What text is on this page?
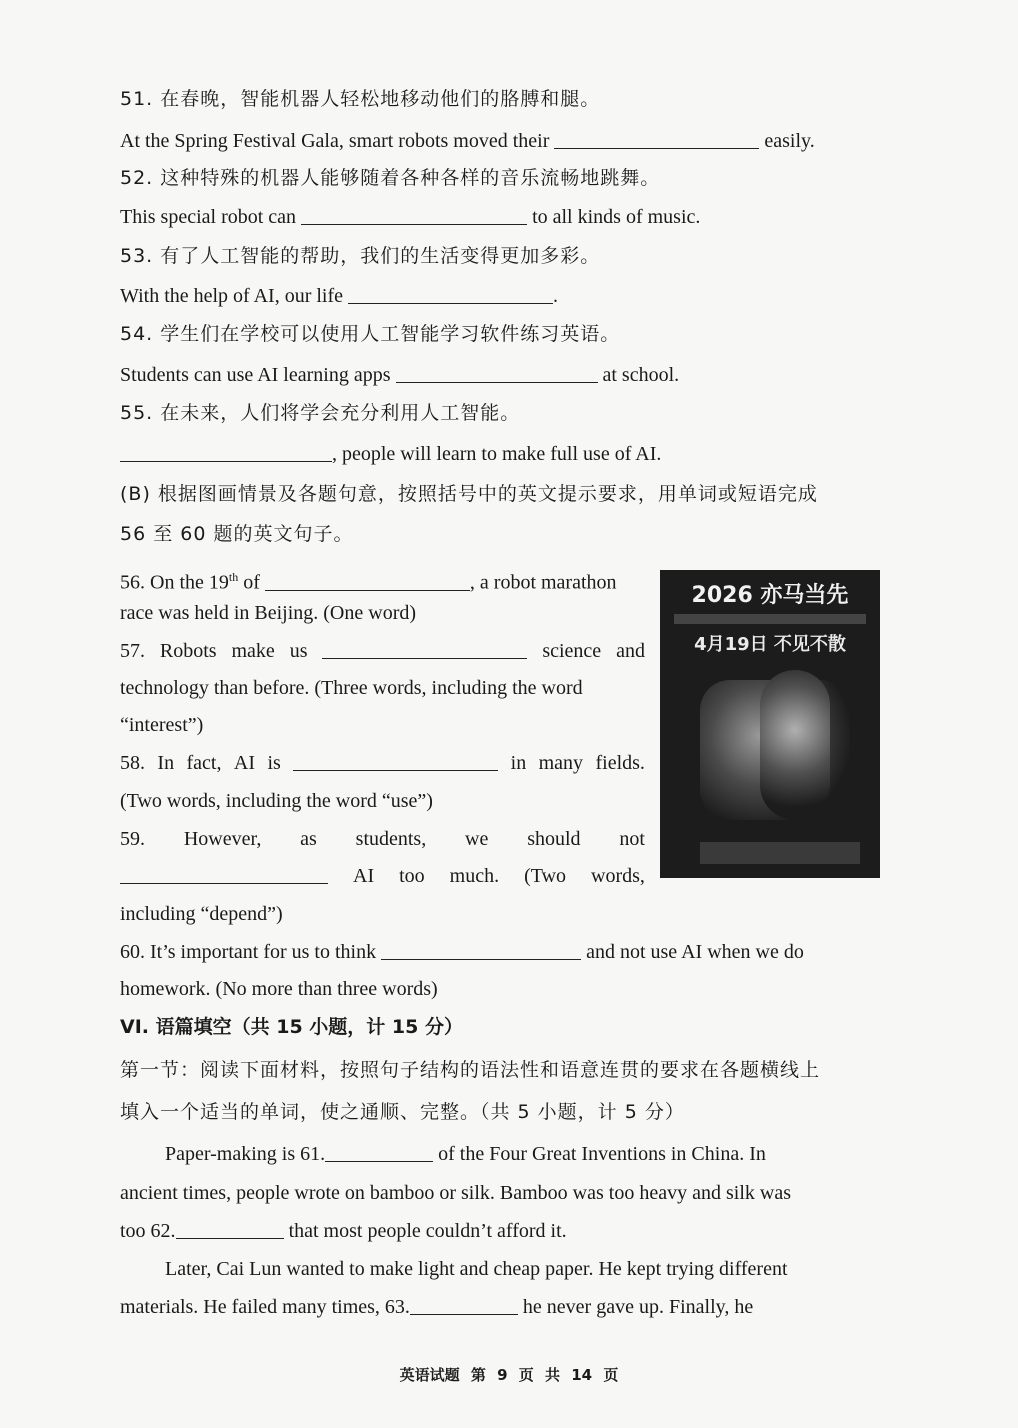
51. 在春晚，智能机器人轻松地移动他们的胳膊和腿。
At the Spring Festival Gala, smart robots moved their	easily.
52. 这种特殊的机器人能够随着各种各样的音乐流畅地跳舞。
This special robot can	to all kinds of music.
53. 有了人工智能的帮助，我们的生活变得更加多彩。
With the help of AI, our life	.
54. 学生们在学校可以使用人工智能学习软件练习英语。
Students can use AI learning apps	at school.
55. 在未来，人们将学会充分利用人工智能。
, people will learn to make full use of AI.
(B) 根据图画情景及各题句意，按照括号中的英文提示要求，用单词或短语完成
56 至 60 题的英文句子。
56. On the 19th of	, a robot marathon
race was held in Beijing. (One word)
57. Robots make us	science and
technology than before. (Three words, including the word
“interest”)
58. In fact, AI is	in many fields.
(Two words, including the word “use”)
59. However, as students, we should not
AI too much. (Two words,
including “depend”)
2026 亦马当先
4月19日 不见不散
60. It’s important for us to think	and not use AI when we do
homework. (No more than three words)
VI. 语篇填空（共 15 小题，计 15 分）
第一节：阅读下面材料，按照句子结构的语法性和语意连贯的要求在各题横线上
填入一个适当的单词，使之通顺、完整。（共 5 小题，计 5 分）
Paper-making is 61.	of the Four Great Inventions in China. In
ancient times, people wrote on bamboo or silk. Bamboo was too heavy and silk was
too 62.	that most people couldn’t afford it.
Later, Cai Lun wanted to make light and cheap paper. He kept trying different
materials. He failed many times, 63.	he never gave up. Finally, he
英语试题 第 9 页 共 14 页
